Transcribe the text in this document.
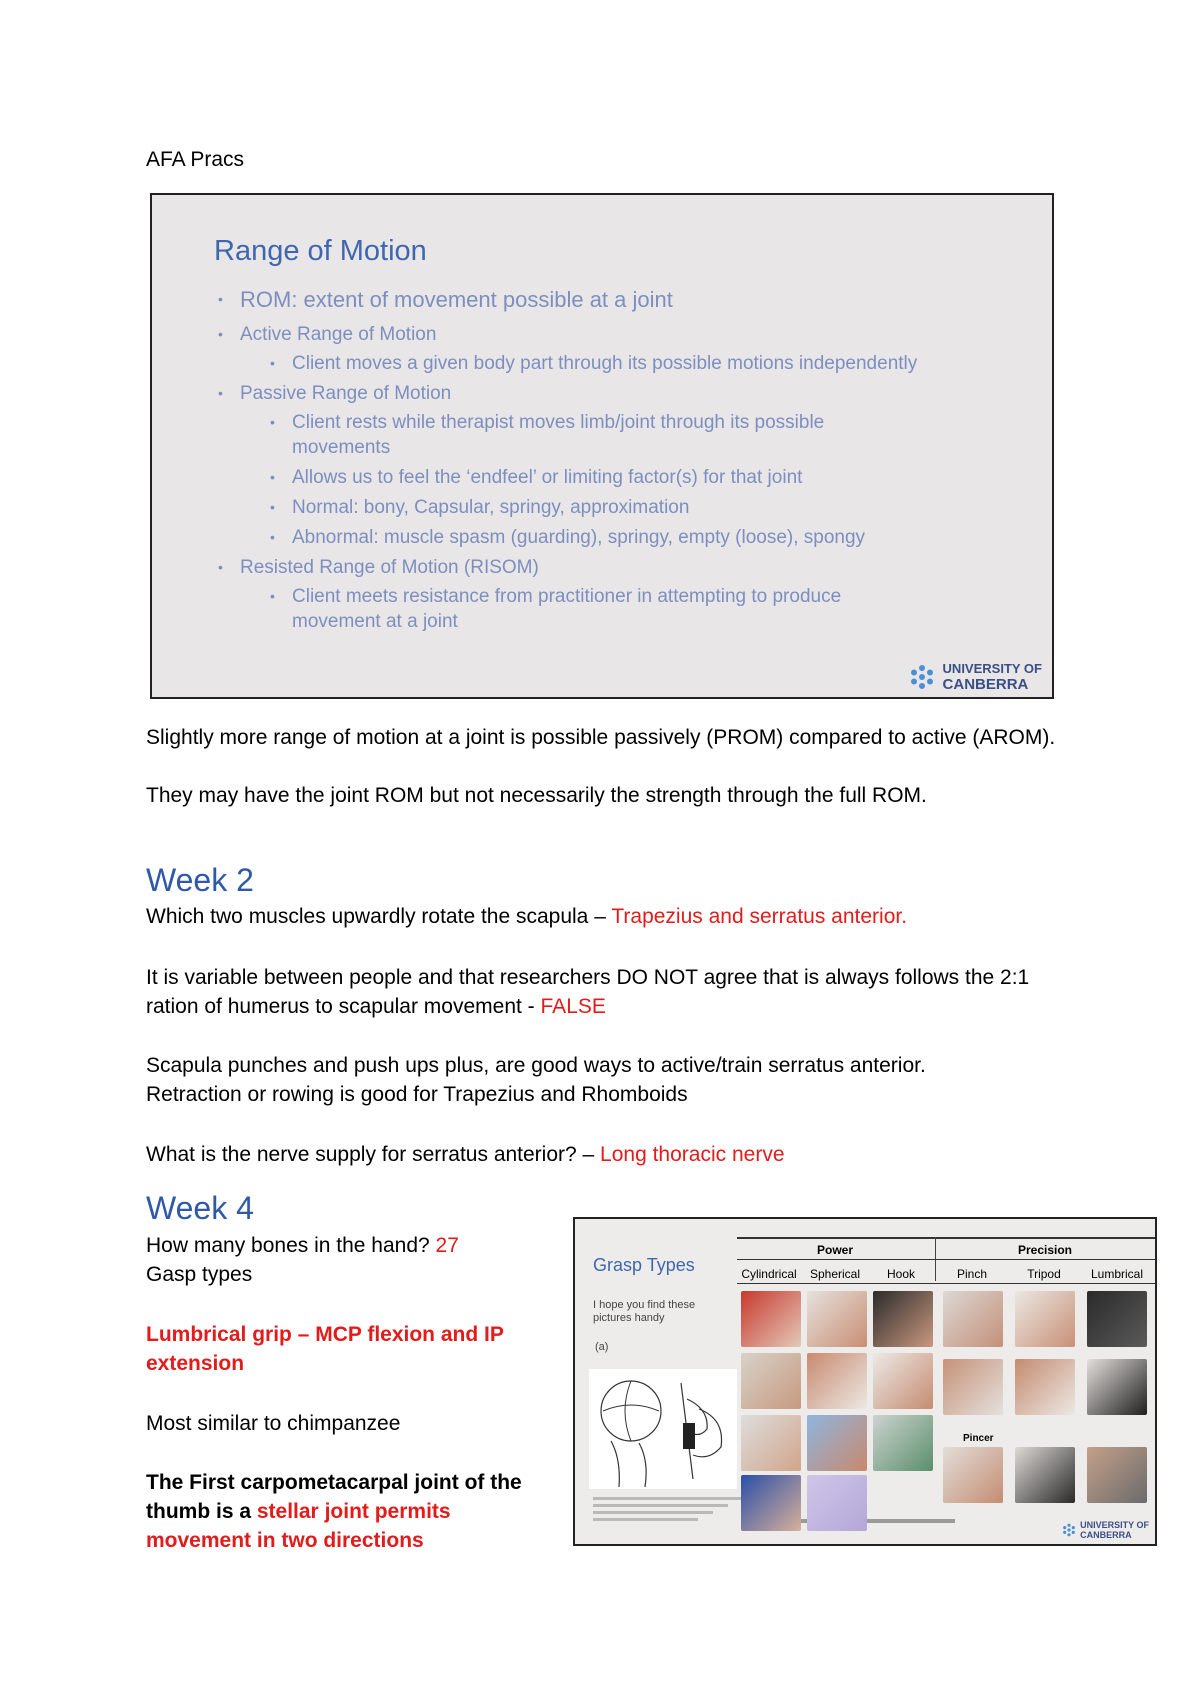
AFA Pracs
Range of Motion
• ROM: extent of movement possible at a joint
• Active Range of Motion
• Client moves a given body part through its possible motions independently
• Passive Range of Motion
• Client rests while therapist moves limb/joint through its possible movements
• Allows us to feel the ‘endfeel’ or limiting factor(s) for that joint
• Normal: bony, Capsular, springy, approximation
• Abnormal: muscle spasm (guarding), springy, empty (loose), spongy
• Resisted Range of Motion (RISOM)
• Client meets resistance from practitioner in attempting to produce movement at a joint
UNIVERSITY OF
CANBERRA
Slightly more range of motion at a joint is possible passively (PROM) compared to active (AROM).
They may have the joint ROM but not necessarily the strength through the full ROM.
Week 2
Which two muscles upwardly rotate the scapula – Trapezius and serratus anterior.
It is variable between people and that researchers DO NOT agree that is always follows the 2:1 ration of humerus to scapular movement - FALSE
Scapula punches and push ups plus, are good ways to active/train serratus anterior.
Retraction or rowing is good for Trapezius and Rhomboids
What is the nerve supply for serratus anterior? – Long thoracic nerve
Week 4
How many bones in the hand? 27
Gasp types
Lumbrical grip – MCP flexion and IP extension
Most similar to chimpanzee
The First carpometacarpal joint of the thumb is a stellar joint permits movement in two directions
Grasp Types
I hope you find these pictures handy
(a)
Power	Precision
Cylindrical	Spherical	Hook	Pinch	Tripod	Lumbrical
Pincer
UNIVERSITY OF
CANBERRA
